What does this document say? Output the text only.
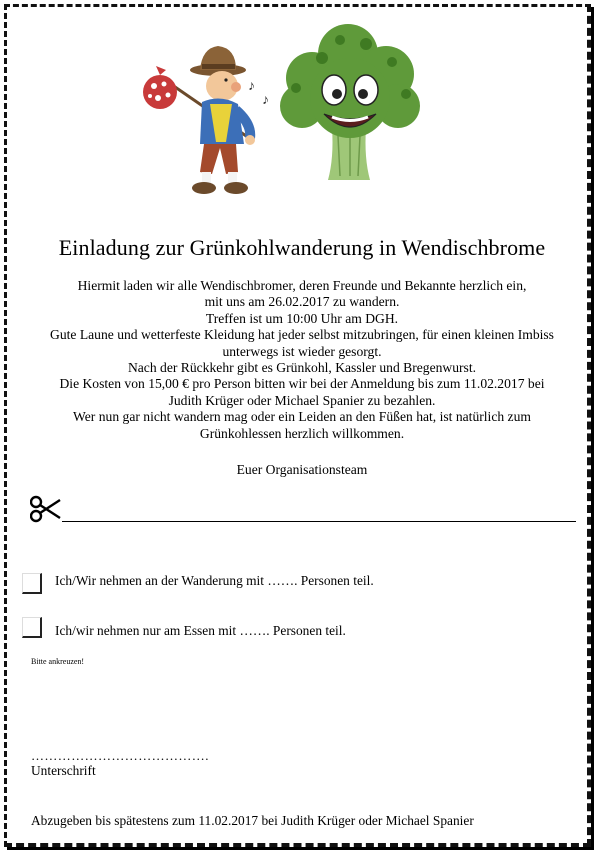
♪
♪
Einladung zur Grünkohlwanderung in Wendischbrome
Hiermit laden wir alle Wendischbromer, deren Freunde und Bekannte herzlich ein,
mit uns am 26.02.2017 zu wandern.
Treffen ist um 10:00 Uhr am DGH.
Gute Laune und wetterfeste Kleidung hat jeder selbst mitzubringen, für einen kleinen Imbiss
unterwegs ist wieder gesorgt.
Nach der Rückkehr gibt es Grünkohl, Kassler und Bregenwurst.
Die Kosten von 15,00 € pro Person bitten wir bei der Anmeldung bis zum 11.02.2017 bei
Judith Krüger oder Michael Spanier zu bezahlen.
Wer nun gar nicht wandern mag oder ein Leiden an den Füßen hat, ist natürlich zum
Grünkohlessen herzlich willkommen.
Euer Organisationsteam
Ich/Wir nehmen an der Wanderung mit ……. Personen teil.
Ich/wir nehmen nur am Essen mit ……. Personen teil.
Bitte ankreuzen!
………………………………….
Unterschrift
Abzugeben bis spätestens zum 11.02.2017 bei Judith Krüger oder Michael Spanier
